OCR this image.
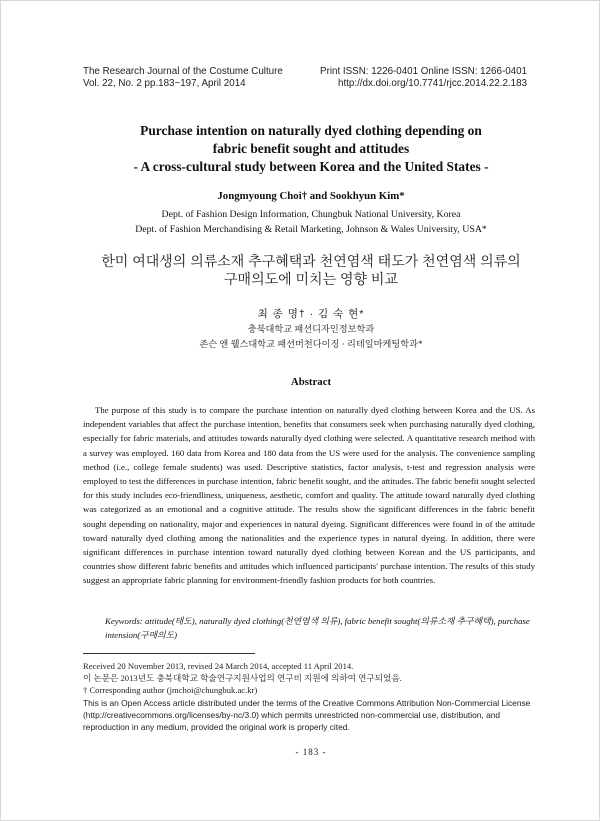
The Research Journal of the Costume Culture
Vol. 22, No. 2 pp.183~197, April 2014
Print ISSN: 1226-0401 Online ISSN: 1266-0401
http://dx.doi.org/10.7741/rjcc.2014.22.2.183
Purchase intention on naturally dyed clothing depending on
fabric benefit sought and attitudes
- A cross-cultural study between Korea and the United States -
Jongmyoung Choi† and Sookhyun Kim*
Dept. of Fashion Design Information, Chungbuk National University, Korea
Dept. of Fashion Merchandising & Retail Marketing, Johnson & Wales University, USA*
한미 여대생의 의류소재 추구혜택과 천연염색 태도가 천연염색 의류의
구매의도에 미치는 영향 비교
최 종 명† · 김 숙 현*
충북대학교 패션디자인정보학과
존슨 앤 웰스대학교 패션머천다이징 · 리테일마케팅학과*
Abstract

The purpose of this study is to compare the purchase intention on naturally dyed clothing between Korea and the US. As independent variables that affect the purchase intention, benefits that consumers seek when purchasing naturally dyed clothing, especially for fabric materials, and attitudes towards naturally dyed clothing were selected. A quantitative research method with a survey was employed. 160 data from Korea and 180 data from the US were used for the analysis. The convenience sampling method (i.e., college female students) was used. Descriptive statistics, factor analysis, t-test and regression analysis were employed to test the differences in purchase intention, fabric benefit sought, and the attitudes. The fabric benefit sought selected for this study includes eco-friendliness, uniqueness, aesthetic, comfort and quality. The attitude toward naturally dyed clothing was categorized as an emotional and a cognitive attitude. The results show the significant differences in the fabric benefit sought depending on nationality, major and experiences in natural dyeing. Significant differences were found in of the attitude toward naturally dyed clothing among the nationalities and the experience types in natural dyeing. In addition, there were significant differences in purchase intention toward naturally dyed clothing between Korean and the US participants, and countries show different fabric benefits and attitudes which influenced participants' purchase intention. The results of this study suggest an appropriate fabric planning for environment-friendly fashion products for both countries.

Keywords: attitude(태도), naturally dyed clothing(천연염색 의류), fabric benefit sought(의류소재 추구혜택), purchase intension(구매의도)
Received 20 November 2013, revised 24 March 2014, accepted 11 April 2014.
이 논문은 2013년도 충북대학교 학술연구지원사업의 연구비 지원에 의하여 연구되었음.
† Corresponding author (jmchoi@chungbuk.ac.kr)
This is an Open Access article distributed under the terms of the Creative Commons Attribution Non-Commercial License (http://creativecommons.org/licenses/by-nc/3.0) which permits unrestricted non-commercial use, distribution, and reproduction in any medium, provided the original work is properly cited.
- 183 -
